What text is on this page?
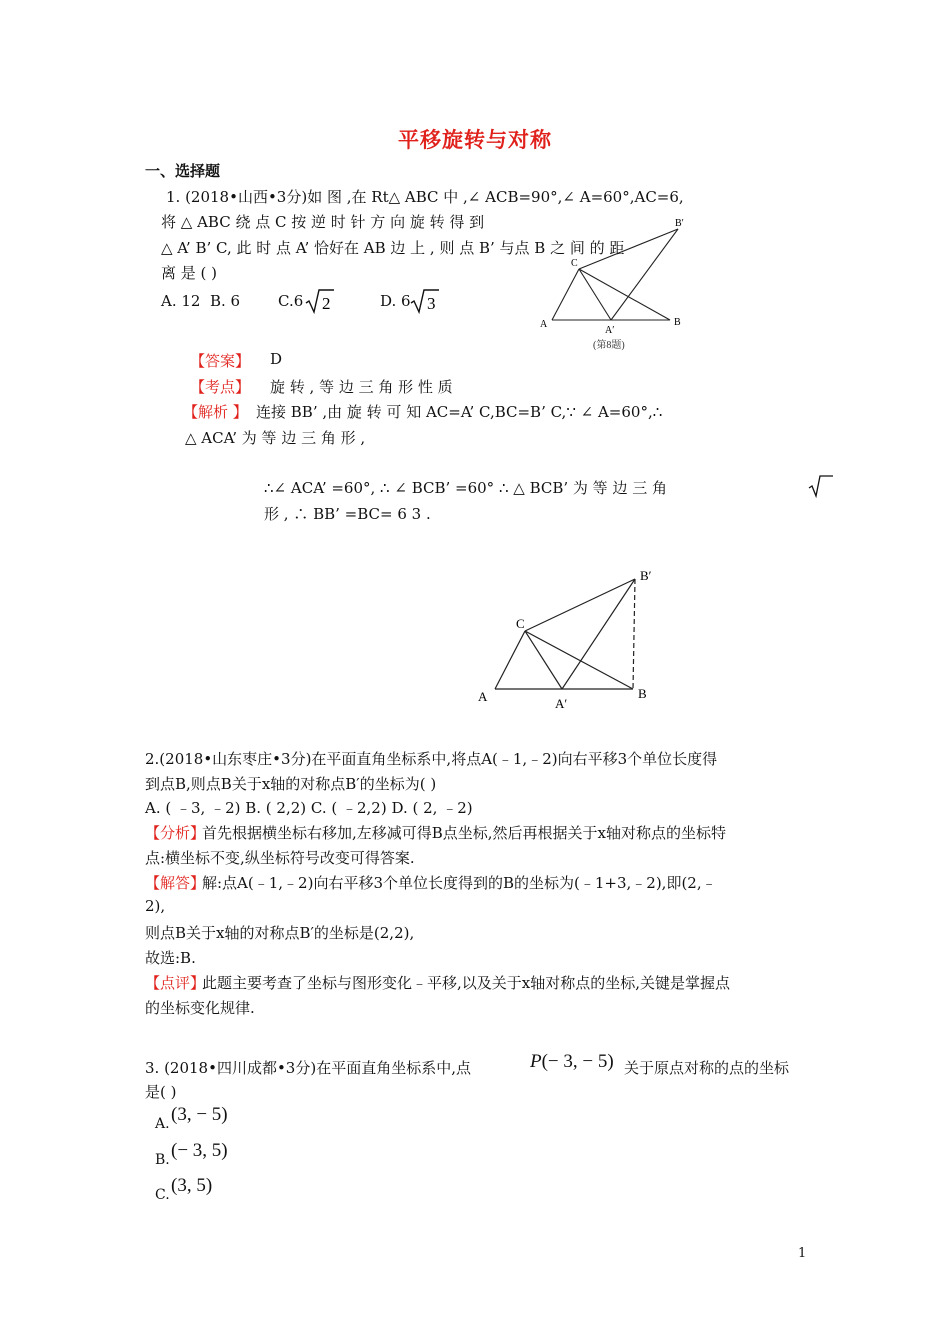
平移旋转与对称
一、选择题
1. (2018•山西•3分)如 图 ,在 Rt△ ABC 中 ,∠ ACB=90°,∠ A=60°,AC=6,
将 △ ABC 绕 点 C 按 逆 时 针 方 向 旋 转 得 到
△ A’ B’ C, 此 时 点 A’ 恰好在 AB 边 上 , 则 点 B’ 与点 B 之 间 的 距
离 是 ( )
A. 12 B. 6	C.6 2	D. 6 3
A	B
C
A′
B′
(第8题)
【答案】 D
【考点】 旋 转 , 等 边 三 角 形 性 质
【解析 】 连接 BB’ ,由 旋 转 可 知 AC=A’ C,BC=B’ C,∵ ∠ A=60°,∴
△ ACA’ 为 等 边 三 角 形 ,
∴∠ ACA’ =60°, ∴ ∠ BCB’ =60° ∴ △ BCB’ 为 等 边 三 角
形 , ∴ BB’ =BC= 6 3 .
A	B
C
A′
B′
2.(2018•山东枣庄•3分)在平面直角坐标系中,将点A(﹣1,﹣2)向右平移3个单位长度得
到点B,则点B关于x轴的对称点B′的坐标为( )
A. ( ﹣3, ﹣2) B. ( 2,2) C. ( ﹣2,2) D. ( 2, ﹣2)
【分析】
首先根据横坐标右移加,左移减可得B点坐标,然后再根据关于x轴对称点的坐标特
点:横坐标不变,纵坐标符号改变可得答案.
【解答】
解:点A(﹣1,﹣2)向右平移3个单位长度得到的B的坐标为(﹣1+3,﹣2),即(2,﹣
2),
则点B关于x轴的对称点B′的坐标是(2,2),
故选:B.
【点评】
此题主要考查了坐标与图形变化﹣平移,以及关于x轴对称点的坐标,关键是掌握点
的坐标变化规律.
3. (2018•四川成都•3分)在平面直角坐标系中,点	P(− 3, − 5) 关于原点对称的点的坐标
是( )
A. (3, − 5)
B. (− 3, 5)
C. (3, 5)
1
